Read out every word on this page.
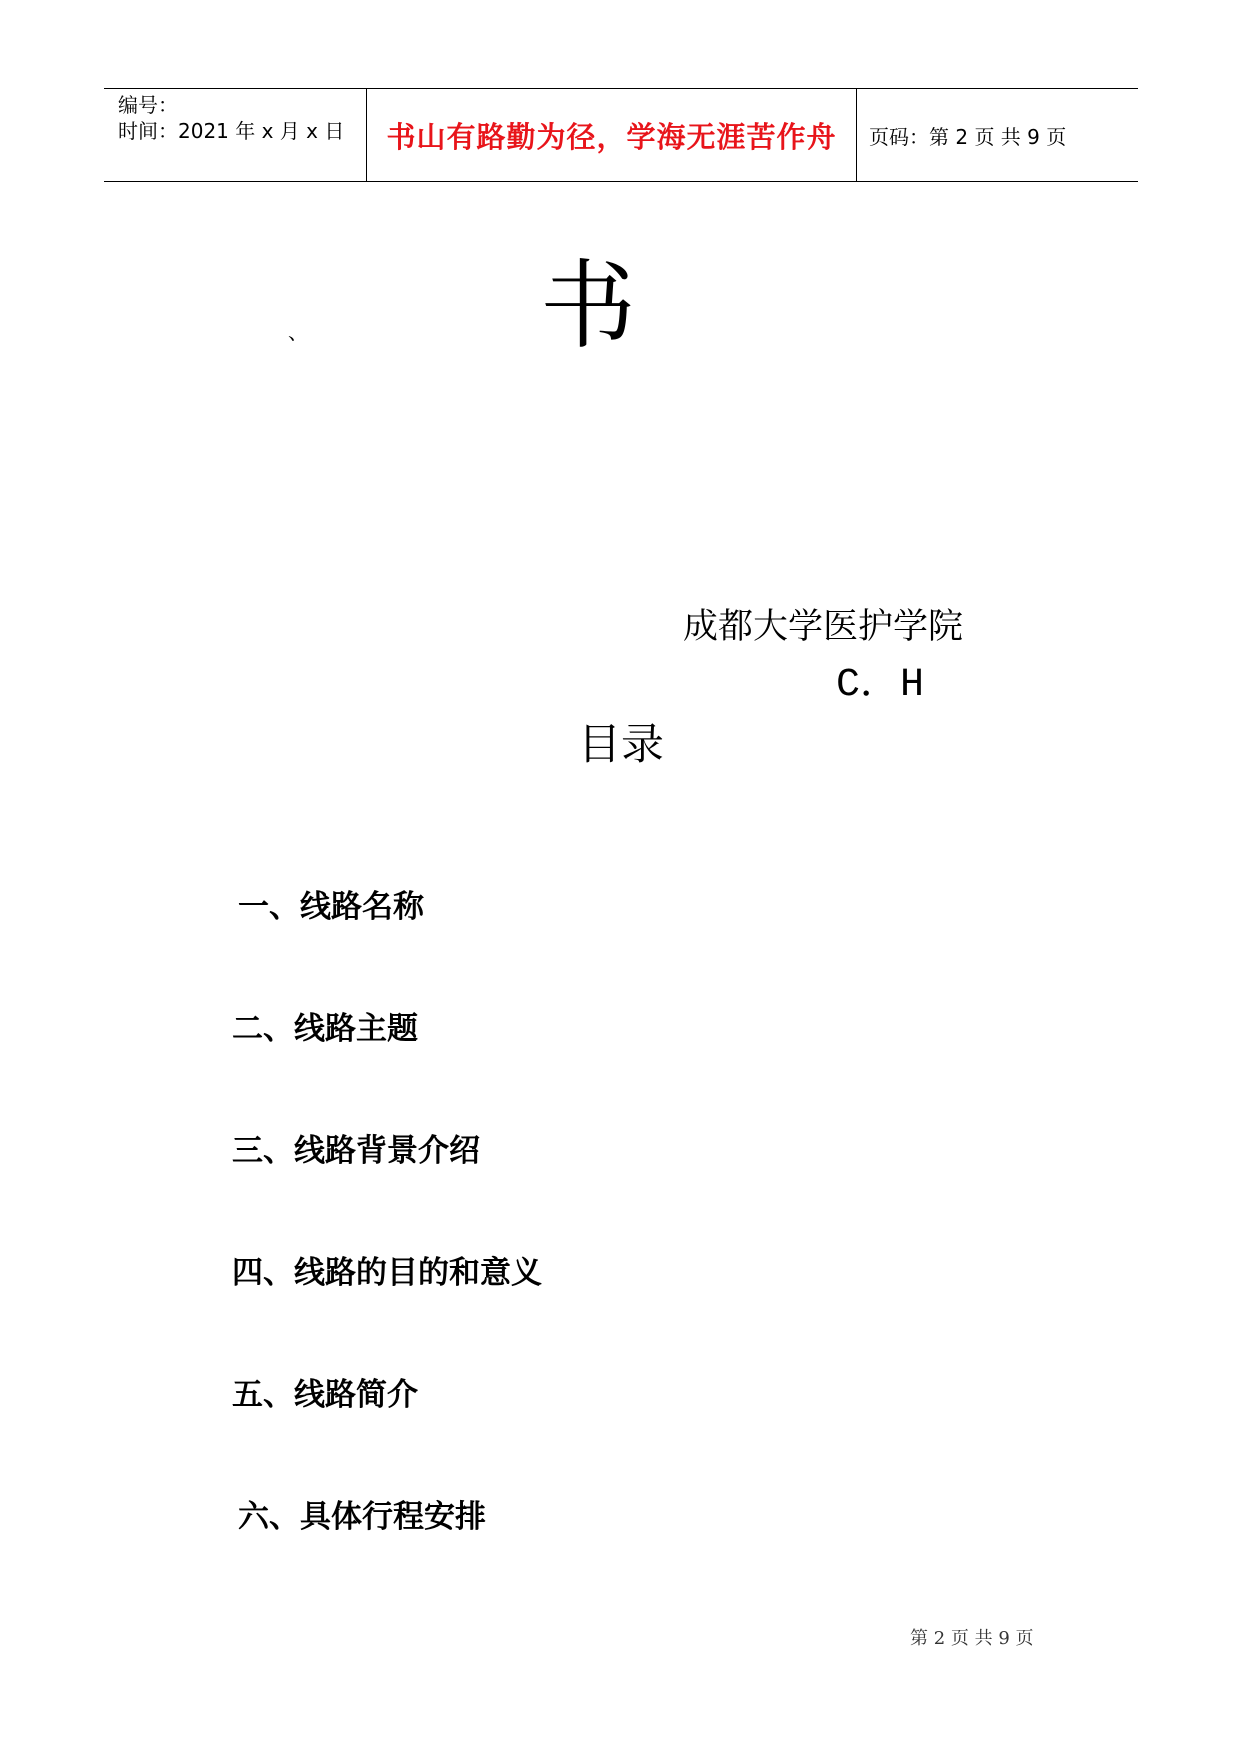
编号：
时间：2021 年 x 月 x 日 书山有路勤为径，学海无涯苦作舟 页码：第 2 页 共 9 页
书
、
成都大学医护学院
C．H
目录
一、线路名称
二、线路主题
三、线路背景介绍
四、线路的目的和意义
五、线路简介
六、具体行程安排
第 2 页 共 9 页
